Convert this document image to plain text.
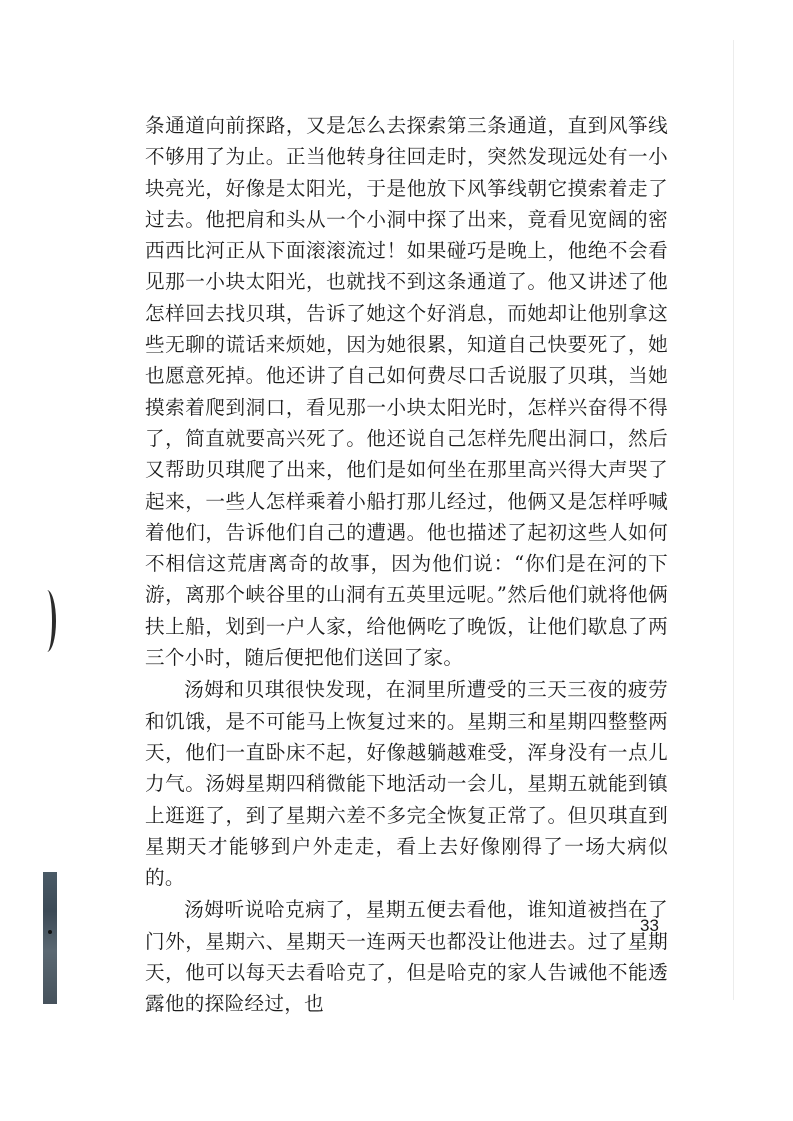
条通道向前探路，又是怎么去探索第三条通道，直到风筝线不够用了为止。正当他转身往回走时，突然发现远处有一小块亮光，好像是太阳光，于是他放下风筝线朝它摸索着走了过去。他把肩和头从一个小洞中探了出来，竟看见宽阔的密西西比河正从下面滚滚流过！如果碰巧是晚上，他绝不会看见那一小块太阳光，也就找不到这条通道了。他又讲述了他怎样回去找贝琪，告诉了她这个好消息，而她却让他别拿这些无聊的谎话来烦她，因为她很累，知道自己快要死了，她也愿意死掉。他还讲了自己如何费尽口舌说服了贝琪，当她摸索着爬到洞口，看见那一小块太阳光时，怎样兴奋得不得了，简直就要高兴死了。他还说自己怎样先爬出洞口，然后又帮助贝琪爬了出来，他们是如何坐在那里高兴得大声哭了起来，一些人怎样乘着小船打那儿经过，他俩又是怎样呼喊着他们，告诉他们自己的遭遇。他也描述了起初这些人如何不相信这荒唐离奇的故事，因为他们说：“你们是在河的下游，离那个峡谷里的山洞有五英里远呢。”然后他们就将他俩扶上船，划到一户人家，给他俩吃了晚饭，让他们歇息了两三个小时，随后便把他们送回了家。

汤姆和贝琪很快发现，在洞里所遭受的三天三夜的疲劳和饥饿，是不可能马上恢复过来的。星期三和星期四整整两天，他们一直卧床不起，好像越躺越难受，浑身没有一点儿力气。汤姆星期四稍微能下地活动一会儿，星期五就能到镇上逛逛了，到了星期六差不多完全恢复正常了。但贝琪直到星期天才能够到户外走走，看上去好像刚得了一场大病似的。

汤姆听说哈克病了，星期五便去看他，谁知道被挡在了门外，星期六、星期天一连两天也都没让他进去。过了星期天，他可以每天去看哈克了，但是哈克的家人告诫他不能透露他的探险经过，也

33
